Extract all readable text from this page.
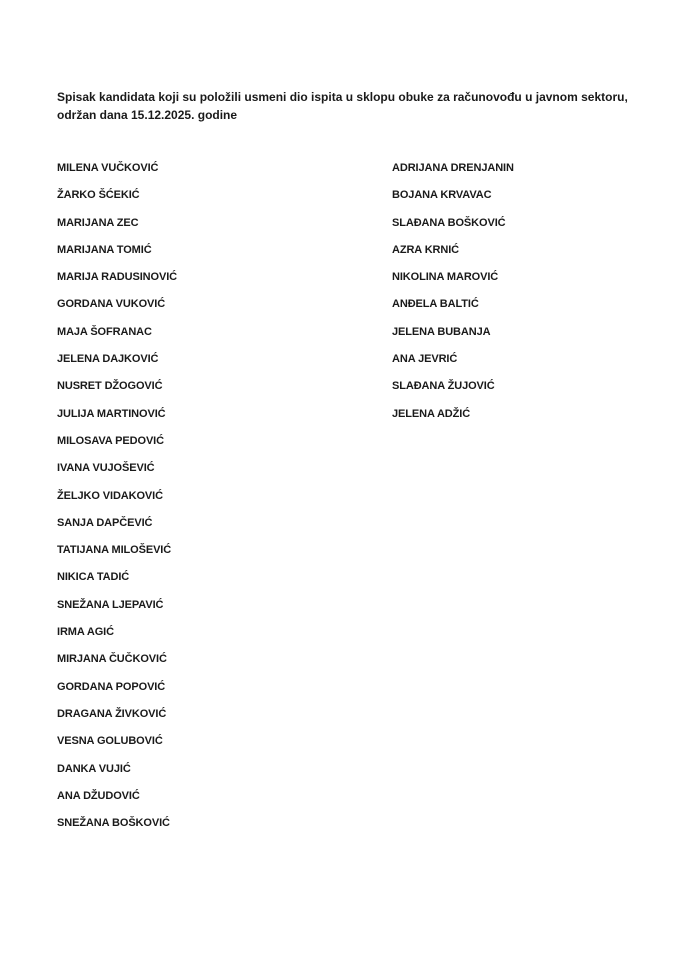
Spisak kandidata koji su položili usmeni dio ispita u sklopu obuke za računovođu u javnom sektoru,
održan dana 15.12.2025. godine

MILENA VUČKOVIĆ
ŽARKO ŠĆEKIĆ
MARIJANA ZEC
MARIJANA TOMIĆ
MARIJA RADUSINOVIĆ
GORDANA VUKOVIĆ
MAJA ŠOFRANAC
JELENA DAJKOVIĆ
NUSRET DŽOGOVIĆ
JULIJA MARTINOVIĆ
MILOSAVA PEDOVIĆ
IVANA VUJOŠEVIĆ
ŽELJKO VIDAKOVIĆ
SANJA DAPČEVIĆ
TATIJANA MILOŠEVIĆ
NIKICA TADIĆ
SNEŽANA LJEPAVIĆ
IRMA AGIĆ
MIRJANA ČUČKOVIĆ
GORDANA POPOVIĆ
DRAGANA ŽIVKOVIĆ
VESNA GOLUBOVIĆ
DANKA VUJIĆ
ANA DŽUDOVIĆ
SNEŽANA BOŠKOVIĆ
ADRIJANA DRENJANIN
BOJANA KRVAVAC
SLAĐANA BOŠKOVIĆ
AZRA KRNIĆ
NIKOLINA MAROVIĆ
ANĐELA BALTIĆ
JELENA BUBANJA
ANA JEVRIĆ
SLAĐANA ŽUJOVIĆ
JELENA ADŽIĆ
